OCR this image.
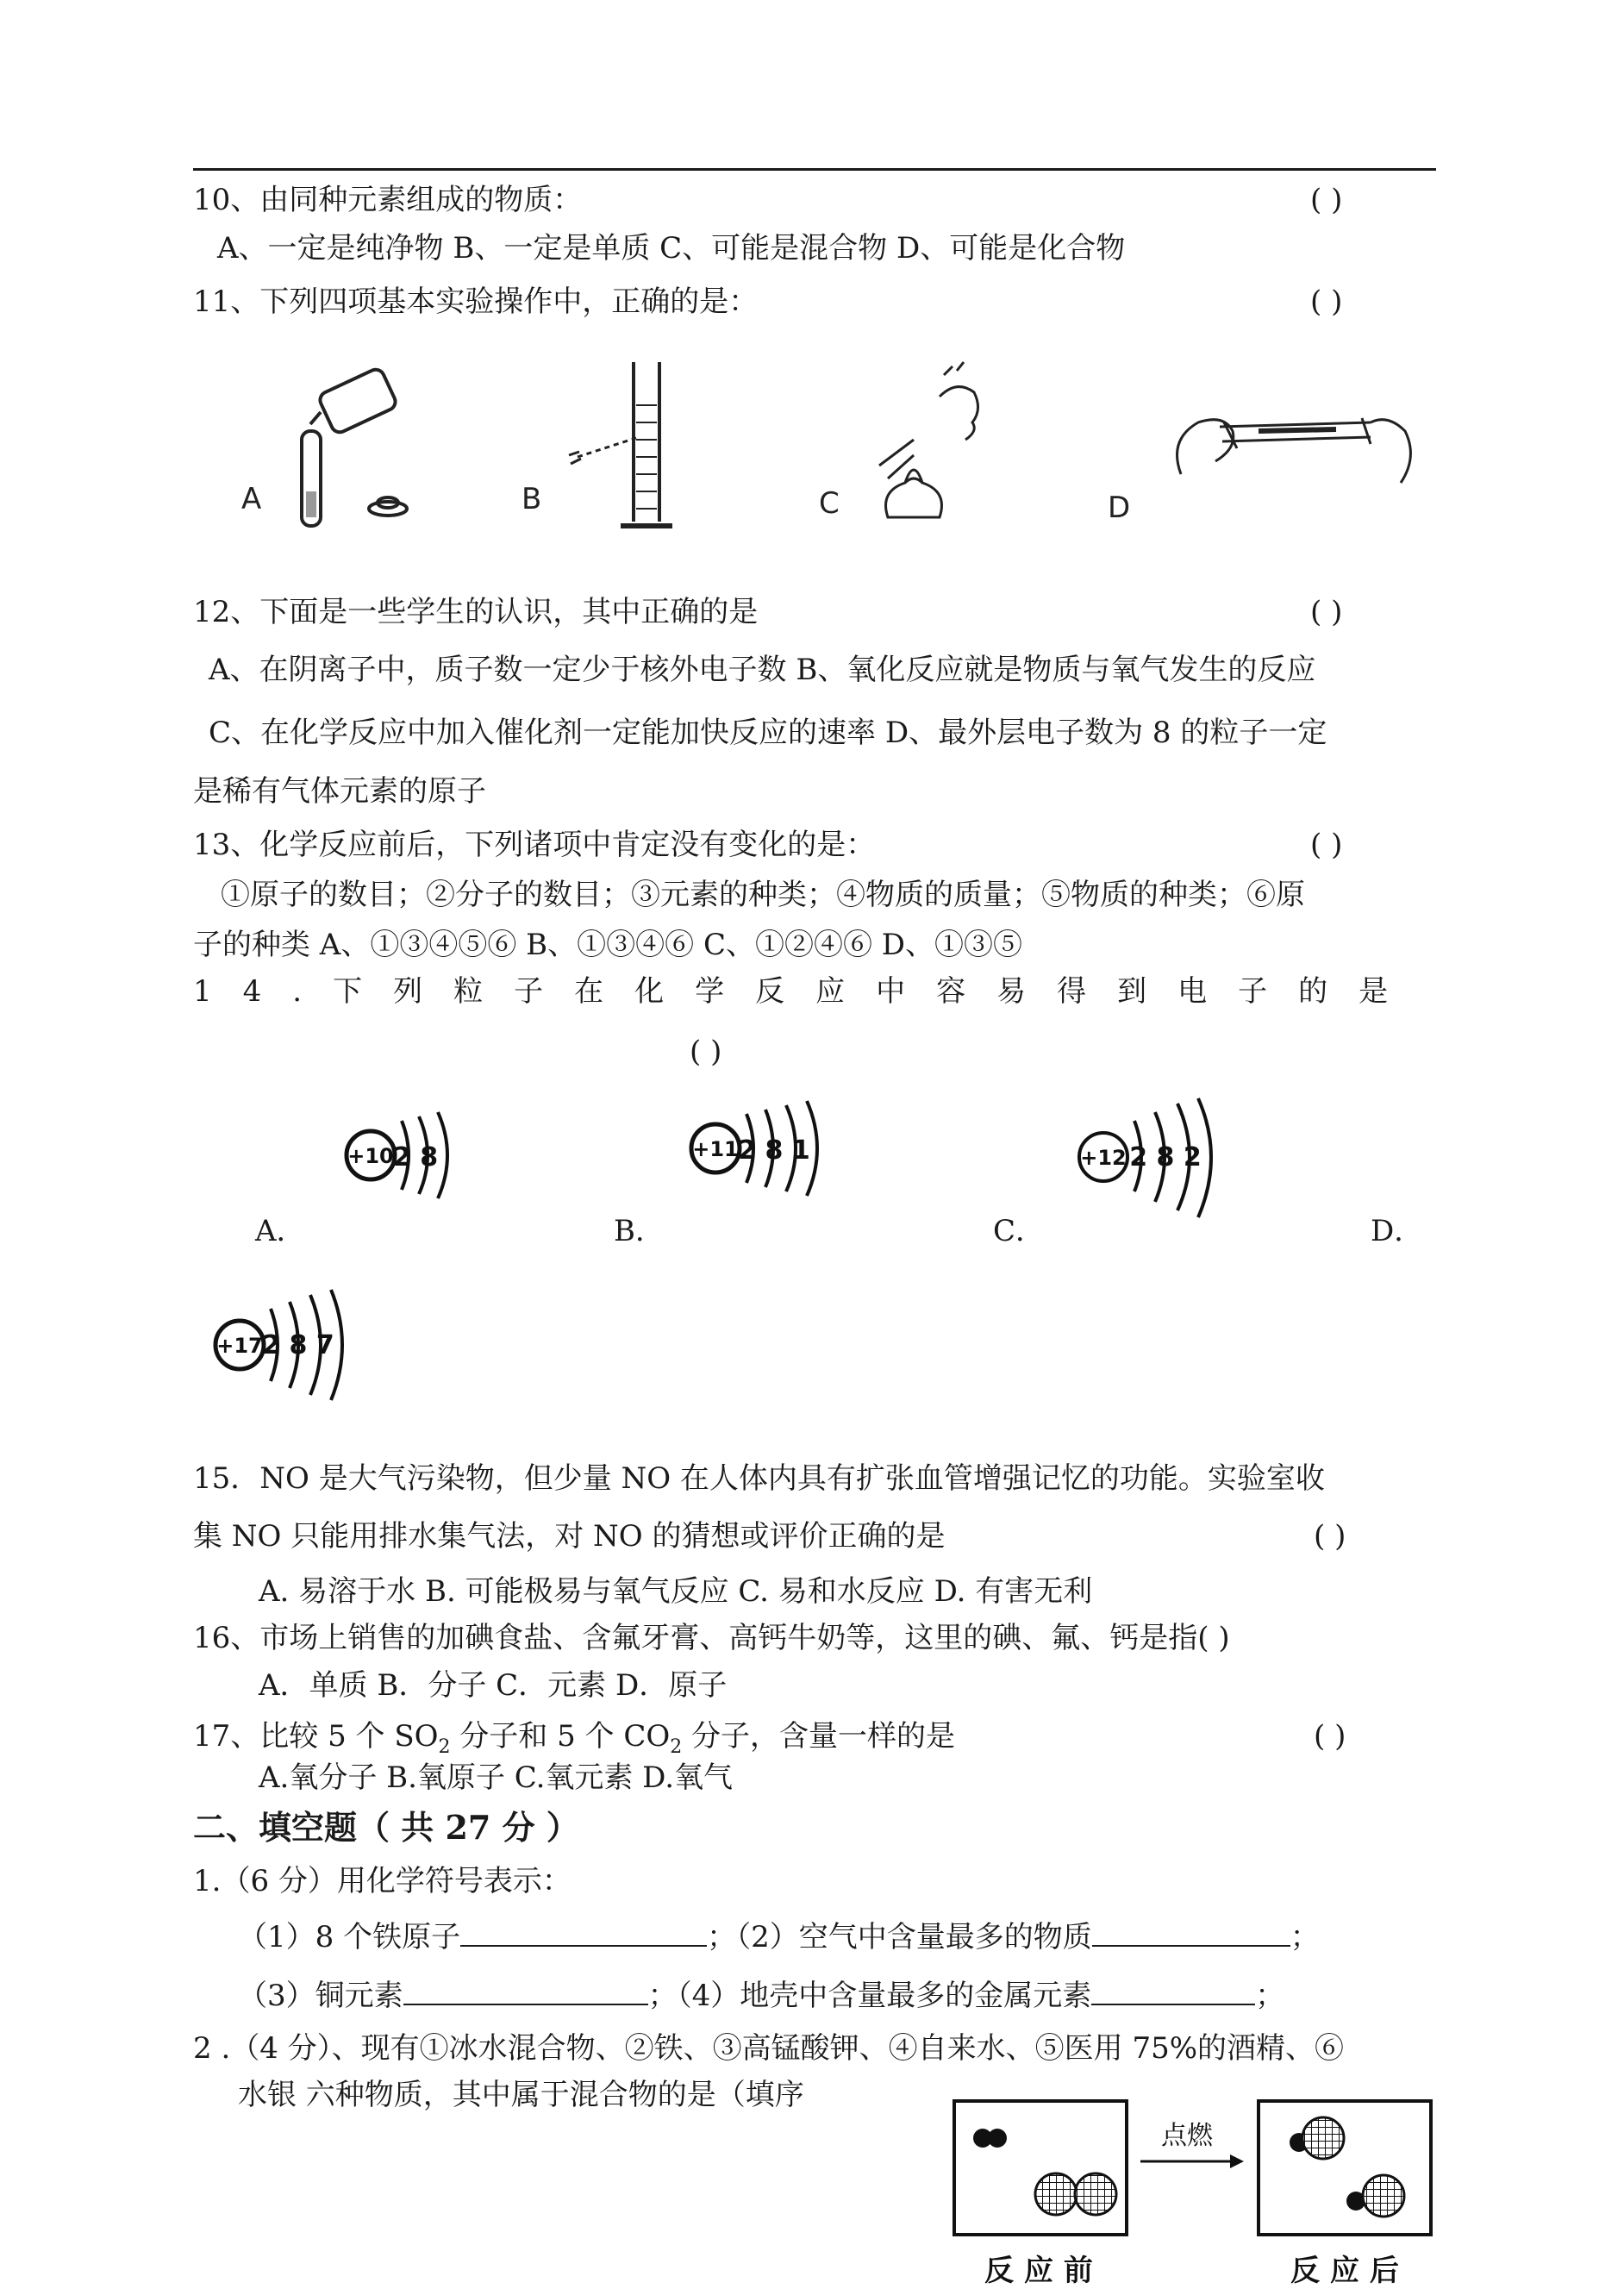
10、由同种元素组成的物质：	( )
A、一定是纯净物 B、一定是单质 C、可能是混合物 D、可能是化合物
11、下列四项基本实验操作中，正确的是：	( )
A	B	C	D
12、下面是一些学生的认识，其中正确的是	( )
A、在阴离子中，质子数一定少于核外电子数 B、氧化反应就是物质与氧气发生的反应
C、在化学反应中加入催化剂一定能加快反应的速率 D、最外层电子数为 8 的粒子一定
是稀有气体元素的原子
13、化学反应前后，下列诸项中肯定没有变化的是：	( )
①原子的数目；②分子的数目；③元素的种类；④物质的质量；⑤物质的种类；⑥原
子的种类 A、①③④⑤⑥ B、①③④⑥ C、①②④⑥ D、①③⑤
14.下列粒子在化学反应中容易得到电子的是
( )
+10 2 8	+11 2 8 1	+12 2 8 2
A．	B．	C．	D．
+17 2 8 7
15．NO 是大气污染物，但少量 NO 在人体内具有扩张血管增强记忆的功能。实验室收
集 NO 只能用排水集气法，对 NO 的猜想或评价正确的是	( )
A. 易溶于水 B. 可能极易与氧气反应 C. 易和水反应 D. 有害无利
16、市场上销售的加碘食盐、含氟牙膏、高钙牛奶等，这里的碘、氟、钙是指( )
A．单质 B．分子 C．元素 D．原子
17、比较 5 个 $SO_2$ 分子和 5 个 $CO_2$ 分子，含量一样的是	( )
A.氧分子 B.氧原子 C.氧元素 D.氧气
二、填空题（ 共 27 分 ）
1.（6 分）用化学符号表示：
（1）8 个铁原子	；（2）空气中含量最多的物质	；
（3）铜元素	；（4）地壳中含量最多的金属元素	；
2 .（4 分）、现有①冰水混合物、②铁、③高锰酸钾、④自来水、⑤医用 75%的酒精、⑥
水银 六种物质，其中属于混合物的是（填序
点燃
反 应 前	反 应 后
